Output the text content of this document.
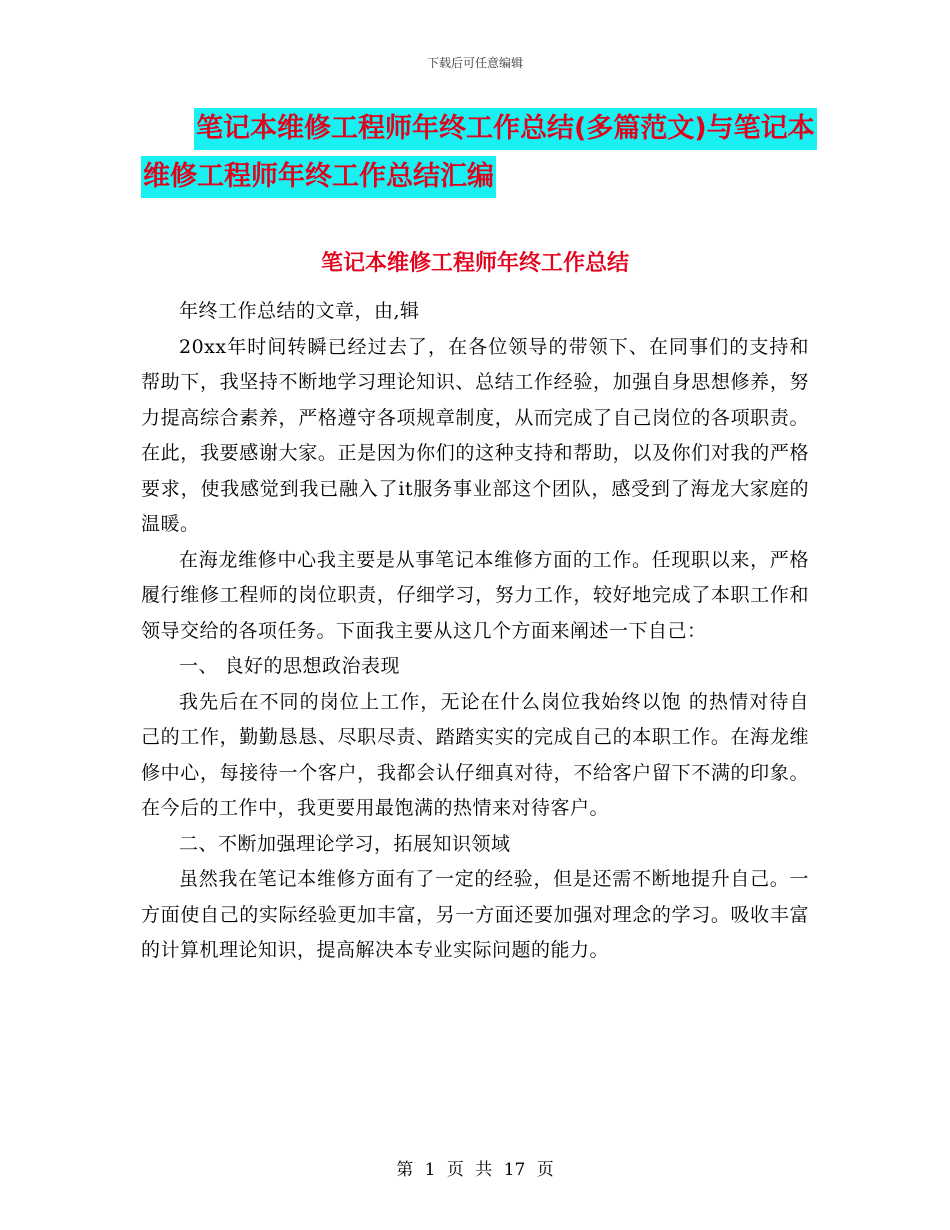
下载后可任意编辑
笔记本维修工程师年终工作总结(多篇范文)与笔记本
维修工程师年终工作总结汇编
笔记本维修工程师年终工作总结

年终工作总结的文章，由,辑

20xx年时间转瞬已经过去了，在各位领导的带领下、在同事们的支持和帮助下，我坚持不断地学习理论知识、总结工作经验，加强自身思想修养，努力提高综合素养，严格遵守各项规章制度，从而完成了自己岗位的各项职责。在此，我要感谢大家。正是因为你们的这种支持和帮助，以及你们对我的严格要求，使我感觉到我已融入了it服务事业部这个团队，感受到了海龙大家庭的温暖。

在海龙维修中心我主要是从事笔记本维修方面的工作。任现职以来，严格履行维修工程师的岗位职责，仔细学习，努力工作，较好地完成了本职工作和领导交给的各项任务。下面我主要从这几个方面来阐述一下自己：

一、 良好的思想政治表现

我先后在不同的岗位上工作，无论在什么岗位我始终以饱 的热情对待自己的工作，勤勤恳恳、尽职尽责、踏踏实实的完成自己的本职工作。在海龙维修中心，每接待一个客户，我都会认仔细真对待，不给客户留下不满的印象。在今后的工作中，我更要用最饱满的热情来对待客户。

二、不断加强理论学习，拓展知识领域

虽然我在笔记本维修方面有了一定的经验，但是还需不断地提升自己。一方面使自己的实际经验更加丰富，另一方面还要加强对理念的学习。吸收丰富的计算机理论知识，提高解决本专业实际问题的能力。

第 1 页 共 17 页
